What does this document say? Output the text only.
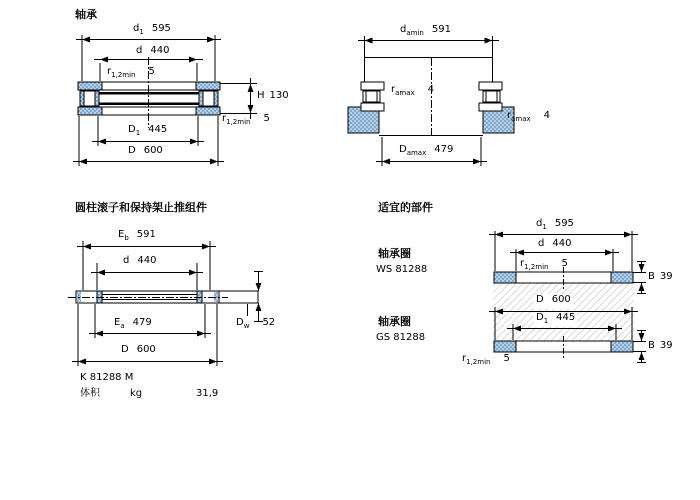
轴承
$d_1$ 595
d 440
$r_{1,2min}$ 5
H 130
$r_{1,2min}$ 5
$D_1$ 445
D 600
$d_{amin}$ 591
$r_{amax}$ 4
$r_{amax}$ 4
$D_{amax}$ 479
圆柱滚子和保持架止推组件
$E_b$ 591
d 440
$E_a$ 479
D 600
$D_w$ 52
K 81288 M
体积	kg	31,9
适宜的部件
轴承圈
WS 81288
轴承圈
GS 81288
$d_1$ 595
d 440
$r_{1,2min}$ 5
B 39
D 600
$D_1$ 445
B 39
$r_{1,2min}$ 5
